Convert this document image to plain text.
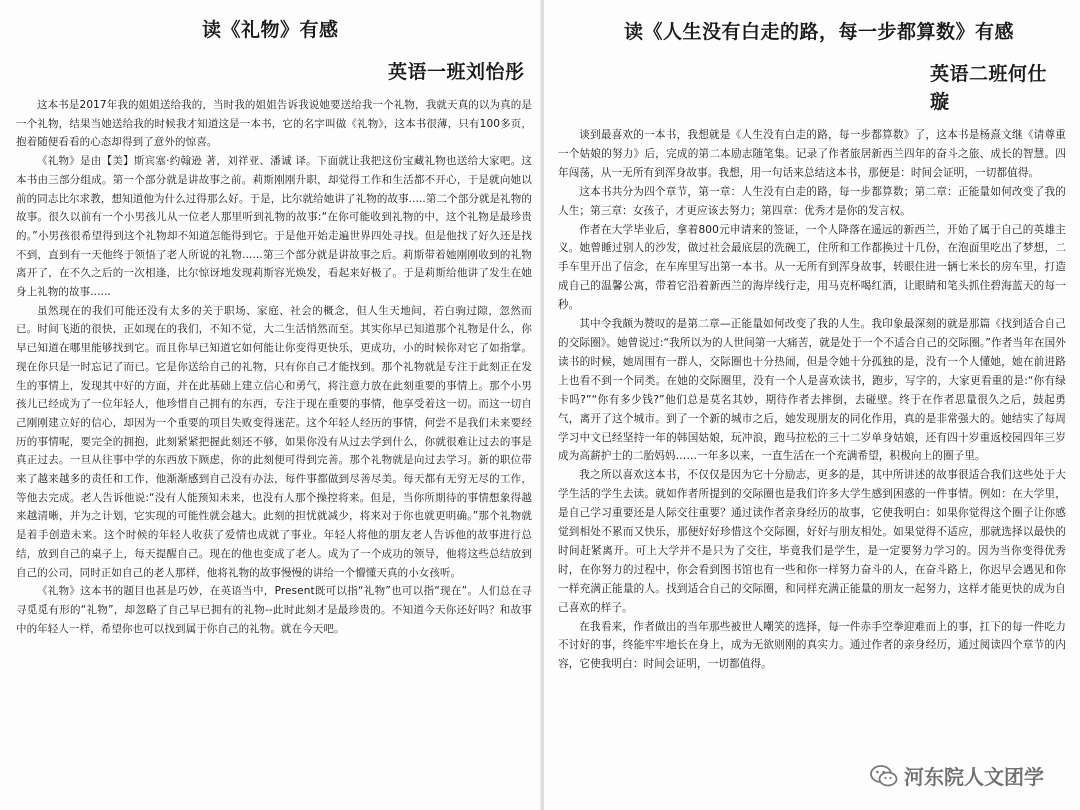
读《礼物》有感
英语一班刘怡彤

这本书是2017年我的姐姐送给我的，当时我的姐姐告诉我说她要送给我一个礼物，我就天真的以为真的是一个礼物，结果当她送给我的时候我才知道这是一本书，它的名字叫做《礼物》，这本书很薄，只有100多页，抱着随便看看的心态却得到了意外的惊喜。

《礼物》是由【美】斯宾塞·约翰逊 著，刘祥亚、潘诚 译。下面就让我把这份宝藏礼物也送给大家吧。这本书由三部分组成。第一个部分就是讲故事之前。莉斯刚刚升职，却觉得工作和生活都不开心，于是就向她以前的同志比尔求教，想知道他为什么过得那么好。于是，比尔就给她讲了礼物的故事.....第二个部分就是礼物的故事。很久以前有一个小男孩儿从一位老人那里听到礼物的故事:“在你可能收到礼物的中，这个礼物是最珍贵的。”小男孩很希望得到这个礼物却不知道怎能得到它。于是他开始走遍世界四处寻找。但是他找了好久还是找不到，直到有一天他终于领悟了老人所说的礼物......第三个部分就是讲故事之后。莉斯带着她刚刚收到的礼物离开了，在不久之后的一次相逢，比尔惊讶地发现莉斯容光焕发，看起来好极了。于是莉斯给他讲了发生在她身上礼物的故事......

虽然现在的我们可能还没有太多的关于职场、家庭、社会的概念，但人生天地间，若白驹过隙，忽然而已。时间飞逝的很快，正如现在的我们，不知不觉，大二生活悄然而至。其实你早已知道那个礼物是什么，你早已知道在哪里能够找到它。而且你早已知道它如何能让你变得更快乐，更成功，小的时候你对它了如指掌。现在你只是一时忘记了而已。它是你送给自己的礼物，只有你自己才能找到。那个礼物就是专注于此刻正在发生的事情上，发现其中好的方面，并在此基础上建立信心和勇气，将注意力放在此刻重要的事情上。那个小男孩儿已经成为了一位年轻人，他珍惜自己拥有的东西，专注于现在重要的事情，他享受着这一切。而这一切自己刚刚建立好的信心，却因为一个重要的项目失败变得迷茫。这个年轻人经历的事情，何尝不是我们未来要经历的事情呢，要完全的拥抱，此刻紧紧把握此刻还不够，如果你没有从过去学到什么，你就很难让过去的事是真正过去。一旦从往事中学的东西放下顾虑，你的此刻便可得到完善。那个礼物就是向过去学习。新的职位带来了越来越多的责任和工作，他渐渐感到自己没有办法，每件事都做到尽善尽美。每天都有无穷无尽的工作，等他去完成。老人告诉他说:“没有人能预知未来，也没有人那个操控将来。但是，当你所期待的事情想象得越来越清晰，并为之计划，它实现的可能性就会越大。此刻的担忧就减少，将来对于你也就更明确。”那个礼物就是着手创造未来。这个时候的年轻人收获了爱情也成就了事业。年轻人将他的朋友老人告诉他的故事进行总结，放到自己的桌子上，每天提醒自己。现在的他也变成了老人。成为了一个成功的领导，他将这些总结放到自己的公司，同时正如自己的老人那样，他将礼物的故事慢慢的讲给一个懵懂天真的小女孩听。

《礼物》这本书的题目也甚是巧妙，在英语当中，Present既可以指“礼物”也可以指“现在”。人们总在寻寻觅觅有形的“礼物”，却忽略了自己早已拥有的礼物--此时此刻才是最珍贵的。不知道今天你还好吗？和故事中的年轻人一样，希望你也可以找到属于你自己的礼物。就在今天吧。

读《人生没有白走的路，每一步都算数》有感
英语二班何仕璇

谈到最喜欢的一本书，我想就是《人生没有白走的路，每一步都算数》了，这本书是杨熹文继《请尊重一个姑娘的努力》后，完成的第二本励志随笔集。记录了作者旅居新西兰四年的奋斗之旅、成长的智慧。四年闯荡，从一无所有到浑身故事。我想，用一句话来总结这本书，那便是：时间会证明，一切都值得。

这本书共分为四个章节，第一章：人生没有白走的路，每一步都算数；第二章：正能量如何改变了我的人生；第三章：女孩子，才更应该去努力；第四章：优秀才是你的发言权。

作者在大学毕业后，拿着800元申请来的签证，一个人降落在遥远的新西兰，开始了属于自己的英雄主义。她曾睡过别人的沙发，做过社会最底层的洗碗工，住所和工作都换过十几份，在泡面里吃出了梦想，二手车里开出了信念，在车库里写出第一本书。从一无所有到浑身故事，转眼住进一辆七米长的房车里，打造成自己的温馨公寓，带着它沿着新西兰的海岸线行走，用马克杯喝红酒，让眼睛和笔头抓住碧海蓝天的每一秒。

其中令我颇为赞叹的是第二章—正能量如何改变了我的人生。我印象最深刻的就是那篇《找到适合自己的交际圈》。她曾说过:“我所以为的人世间第一大痛苦，就是处于一个不适合自己的交际圈。”作者当年在国外读书的时候，她周围有一群人，交际圈也十分热闹，但是令她十分孤独的是，没有一个人懂她，她在前进路上也看不到一个同类。在她的交际圈里，没有一个人是喜欢读书，跑步，写字的，大家更看重的是:“你有绿卡吗?”“你有多少钱?”他们总是莫名其妙，期待作者去摔倒，去碰壁。终于在作者思量很久之后，鼓起勇气，离开了这个城市。到了一个新的城市之后，她发现朋友的同化作用，真的是非常强大的。她结实了每周学习中文已经坚持一年的韩国姑娘，玩冲浪，跑马拉松的三十二岁单身姑娘，还有四十岁重返校园四年三岁成为高薪护士的二胎妈妈……一年多以来，一直生活在一个充满希望，积极向上的圈子里。

我之所以喜欢这本书，不仅仅是因为它十分励志，更多的是，其中所讲述的故事很适合我们这些处于大学生活的学生去读。就如作者所提到的交际圈也是我们许多大学生感到困惑的一件事情。例如：在大学里，是自己学习重要还是人际交往重要？通过读作者亲身经历的故事，它使我明白：如果你觉得这个圈子让你感觉到相处不累而又快乐，那便好好珍惜这个交际圈，好好与朋友相处。如果觉得不适应，那就选择以最快的时间赶紧离开。可上大学并不是只为了交往，毕竟我们是学生，是一定要努力学习的。因为当你变得优秀时，在你努力的过程中，你会看到图书馆也有一些和你一样努力奋斗的人，在奋斗路上，你迟早会遇见和你一样充满正能量的人。找到适合自己的交际圈，和同样充满正能量的朋友一起努力，这样才能更快的成为自己喜欢的样子。

在我看来，作者做出的当年那些被世人嘲笑的选择，每一件赤手空拳迎难而上的事，扛下的每一件吃力不讨好的事，终能牢牢地长在身上，成为无欲则刚的真实力。通过作者的亲身经历，通过阅读四个章节的内容，它使我明白：时间会证明，一切都值得。

河东院人文团学
